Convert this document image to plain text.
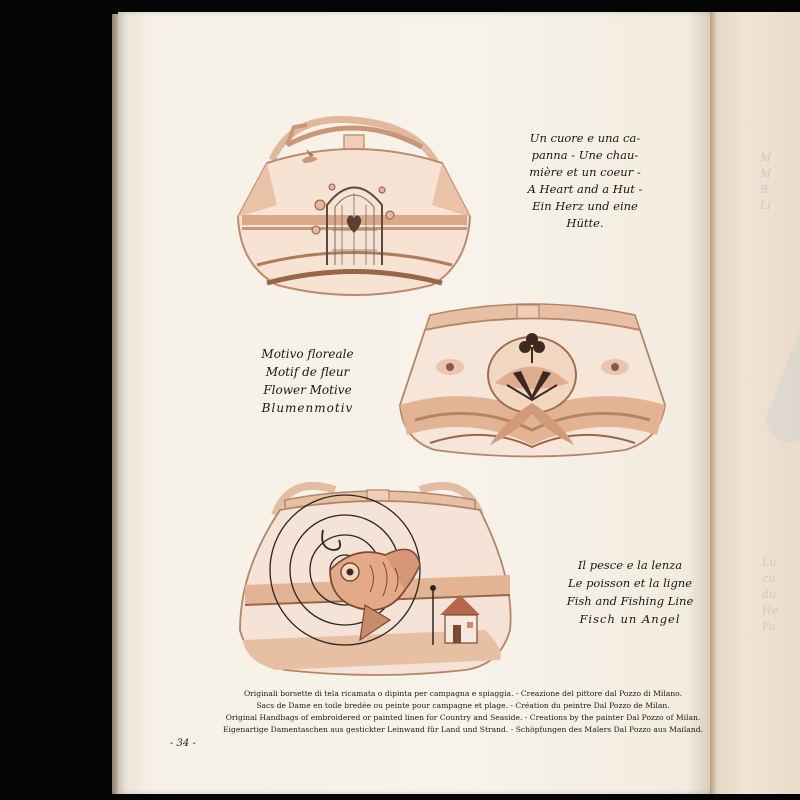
M
M
R
Li
Lu
cu
du
He
Fa
Un cuore e una ca-
panna - Une chau-
mière et un coeur -
A Heart and a Hut -
Ein Herz und eine
Hütte.
Motivo floreale
Motif de fleur
Flower Motive
Blumenmotiv
Il pesce e la lenza
Le poisson et la ligne
Fish and Fishing Line
Fisch un Angel
Originali borsette di tela ricamata o dipinta per campagna e spiaggia. - Creazione del pittore dal Pozzo di Milano.
Sacs de Dame en toile bredée ou peinte pour campagne et plage. - Création du peintre Dal Pozzo de Milan.
Original Handbags of embroidered or painted linen for Country and Seaside. - Creations by the painter Dal Pozzo of Milan.
Eigenartige Damentaschen aus gestickter Leinwand für Land und Strand. - Schöpfungen des Malers Dal Pozzo aus Mailand.
- 34 -
